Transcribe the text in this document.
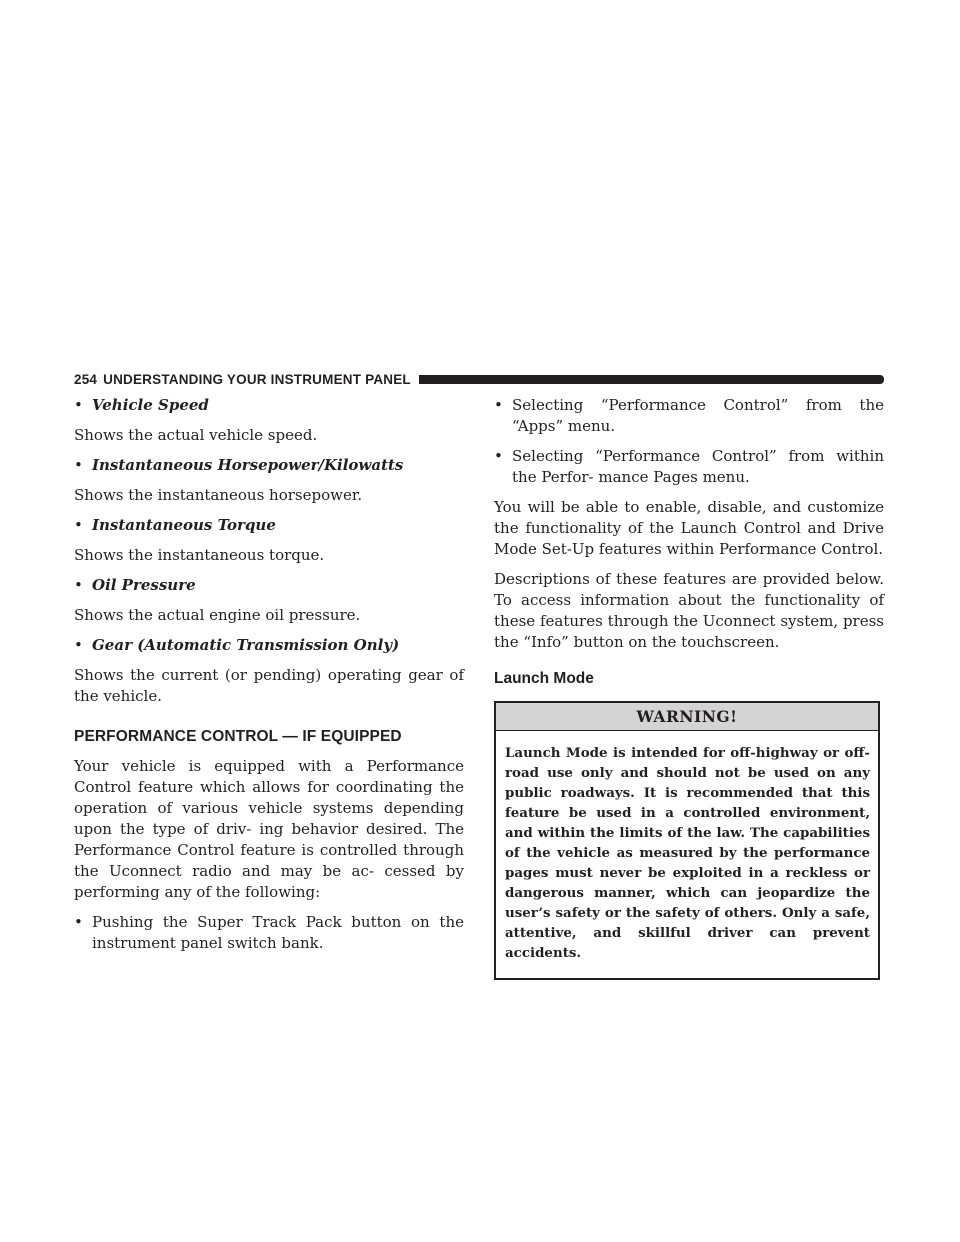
254 UNDERSTANDING YOUR INSTRUMENT PANEL
• Vehicle Speed

Shows the actual vehicle speed.

• Instantaneous Horsepower/Kilowatts

Shows the instantaneous horsepower.

• Instantaneous Torque

Shows the instantaneous torque.

• Oil Pressure

Shows the actual engine oil pressure.

• Gear (Automatic Transmission Only)

Shows the current (or pending) operating gear of the vehicle.

PERFORMANCE CONTROL — IF EQUIPPED

Your vehicle is equipped with a Performance Control feature which allows for coordinating the operation of various vehicle systems depending upon the type of driv- ing behavior desired. The Performance Control feature is controlled through the Uconnect radio and may be ac- cessed by performing any of the following:

• Pushing the Super Track Pack button on the instrument panel switch bank.
• Selecting “Performance Control” from the “Apps” menu.
• Selecting “Performance Control” from within the Perfor- mance Pages menu.

You will be able to enable, disable, and customize the functionality of the Launch Control and Drive Mode Set-Up features within Performance Control.

Descriptions of these features are provided below. To access information about the functionality of these features through the Uconnect system, press the “Info” button on the touchscreen.

Launch Mode
WARNING!
Launch Mode is intended for off-highway or off-road use only and should not be used on any public roadways. It is recommended that this feature be used in a controlled environment, and within the limits of the law. The capabilities of the vehicle as measured by the performance pages must never be exploited in a reckless or dangerous manner, which can jeopardize the user’s safety or the safety of others. Only a safe, attentive, and skillful driver can prevent accidents.
